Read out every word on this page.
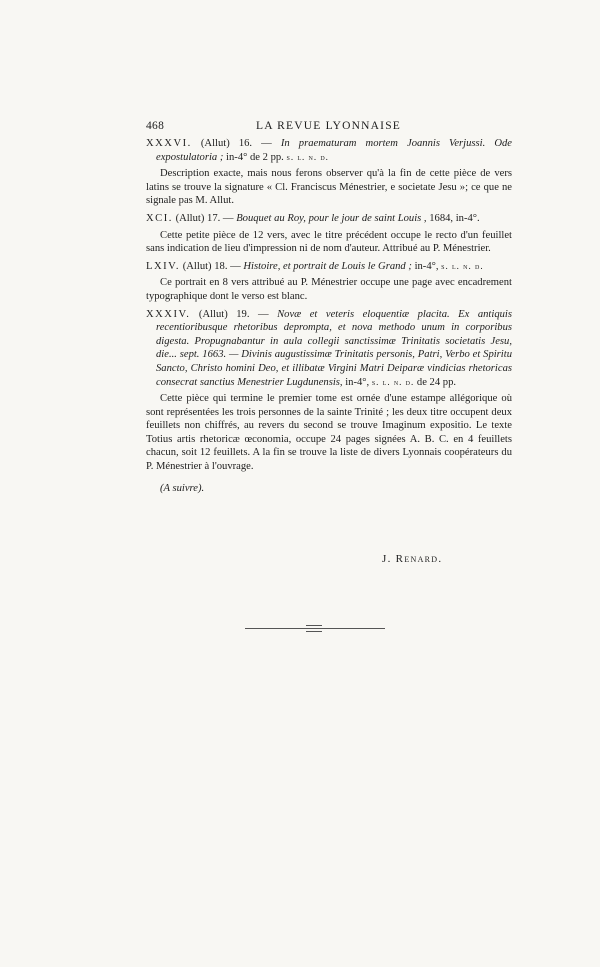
468	LA REVUE LYONNAISE
XXXVI. (Allut) 16. — In praematuram mortem Joannis Verjussi. Ode expostulatoria ; in-4° de 2 pp. s. l. n. d.
Description exacte, mais nous ferons observer qu'à la fin de cette pièce de vers latins se trouve la signature « Cl. Franciscus Ménestrier, e societate Jesu »; ce que ne signale pas M. Allut.
XCI. (Allut) 17. — Bouquet au Roy, pour le jour de saint Louis , 1684, in-4°.
Cette petite pièce de 12 vers, avec le titre précédent occupe le recto d'un feuillet sans indication de lieu d'impression ni de nom d'auteur. Attribué au P. Ménestrier.
LXIV. (Allut) 18. — Histoire, et portrait de Louis le Grand ; in-4°, s. l. n. d.
Ce portrait en 8 vers attribué au P. Ménestrier occupe une page avec encadrement typographique dont le verso est blanc.
XXXIV. (Allut) 19. — Novæ et veteris eloquentiæ placita. Ex antiquis recentioribusque rhetoribus deprompta, et nova methodo unum in corporibus digesta. Propugnabantur in aula collegii sanctissimæ Trinitatis societatis Jesu, die... sept. 1663. — Divinis augustissimæ Trinitatis personis, Patri, Verbo et Spiritu Sancto, Christo homini Deo, et illibatæ Virgini Matri Deiparæ vindicias rhetoricas consecrat sanctius Menestrier Lugdunensis, in-4°, s. l. n. d. de 24 pp.
Cette pièce qui termine le premier tome est ornée d'une estampe allégorique où sont représentées les trois personnes de la sainte Trinité ; les deux titre occupent deux feuillets non chiffrés, au revers du second se trouve Imaginum expositio. Le texte Totius artis rhetoricæ œconomia, occupe 24 pages signées A. B. C. en 4 feuillets chacun, soit 12 feuillets. A la fin se trouve la liste de divers Lyonnais coopérateurs du P. Ménestrier à l'ouvrage.
(A suivre).
J. Renard.
